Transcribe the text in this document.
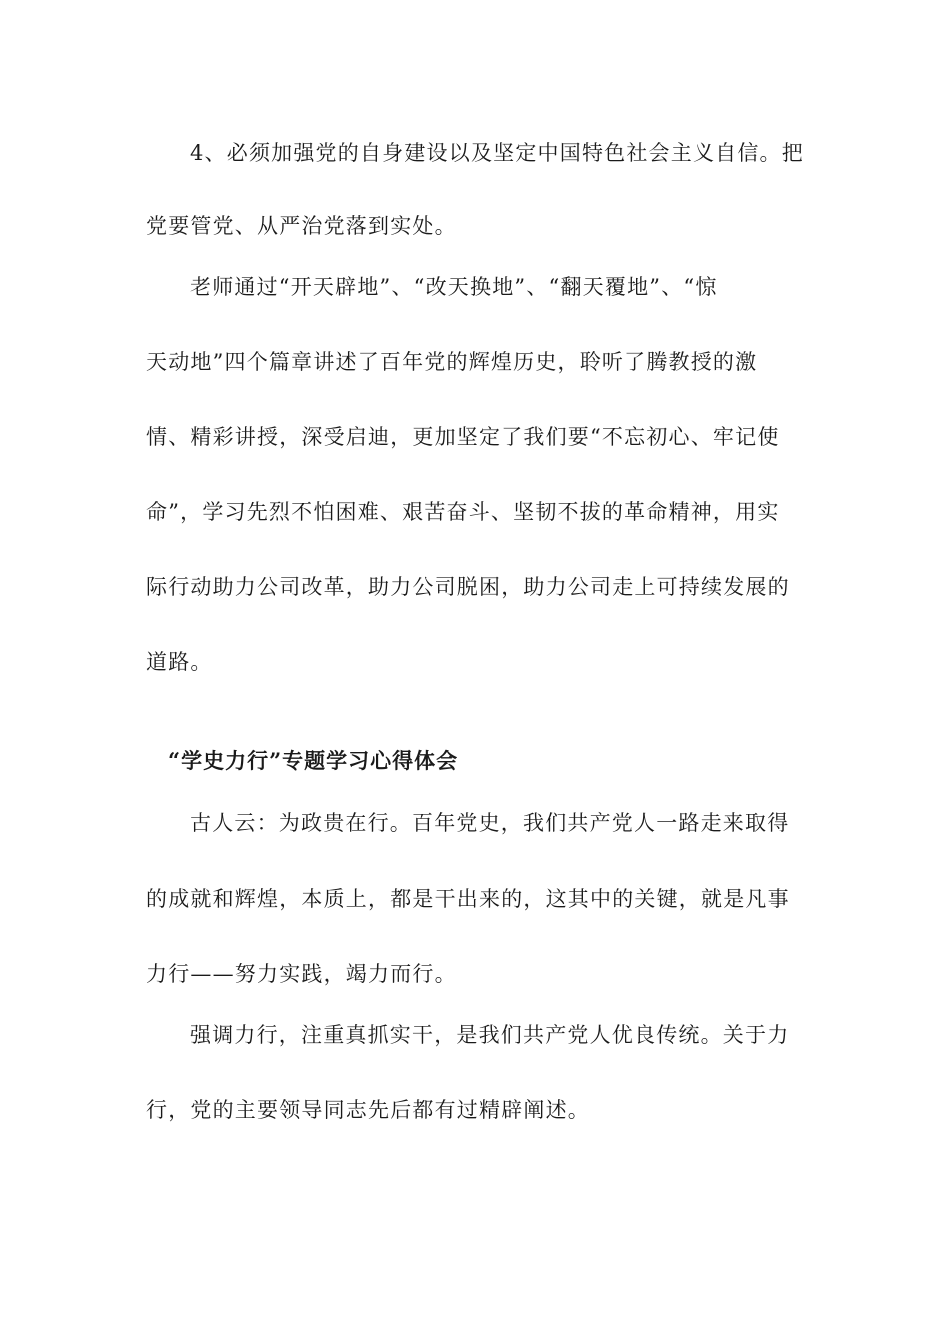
4、必须加强党的自身建设以及坚定中国特色社会主义自信。把
党要管党、从严治党落到实处。
老师通过“开天辟地”、“改天换地”、“翻天覆地”、“惊
天动地”四个篇章讲述了百年党的辉煌历史，聆听了腾教授的激
情、精彩讲授，深受启迪，更加坚定了我们要“不忘初心、牢记使
命”，学习先烈不怕困难、艰苦奋斗、坚韧不拔的革命精神，用实
际行动助力公司改革，助力公司脱困，助力公司走上可持续发展的
道路。
“学史力行”专题学习心得体会
古人云：为政贵在行。百年党史，我们共产党人一路走来取得
的成就和辉煌，本质上，都是干出来的，这其中的关键，就是凡事
力行——努力实践，竭力而行。
强调力行，注重真抓实干，是我们共产党人优良传统。关于力
行，党的主要领导同志先后都有过精辟阐述。
